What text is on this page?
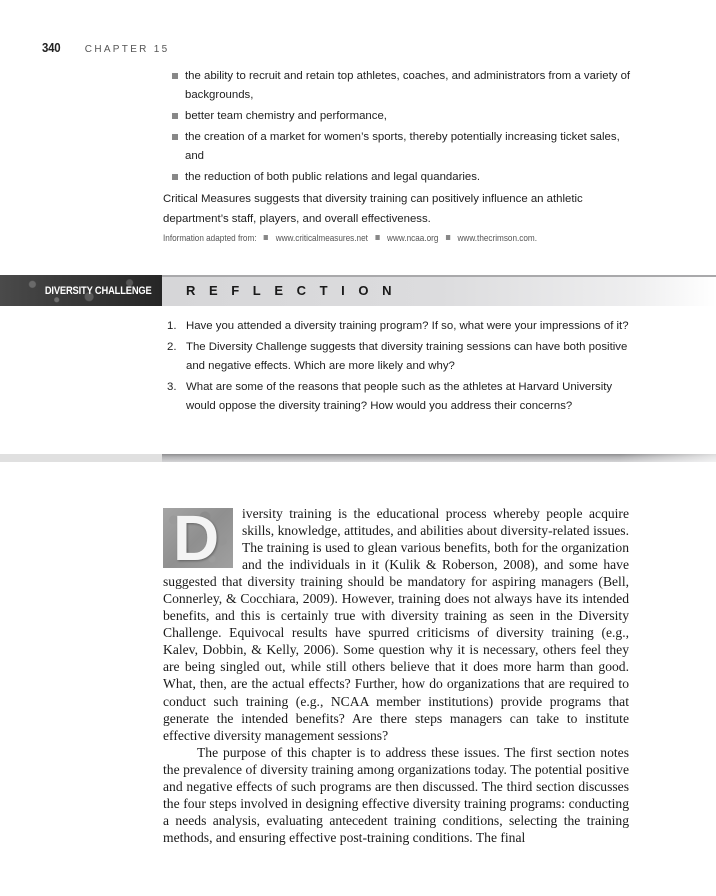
340 CHAPTER 15
the ability to recruit and retain top athletes, coaches, and administrators from a variety of backgrounds,
better team chemistry and performance,
the creation of a market for women’s sports, thereby potentially increasing ticket sales, and
the reduction of both public relations and legal quandaries.

Critical Measures suggests that diversity training can positively influence an athletic department’s staff, players, and overall effectiveness.

Information adapted from: www.criticalmeasures.net www.ncaa.org www.thecrimson.com.
DIVERSITY CHALLENGE	REFLECTION
1. Have you attended a diversity training program? If so, what were your impressions of it?
2. The Diversity Challenge suggests that diversity training sessions can have both positive and negative effects. Which are more likely and why?
3. What are some of the reasons that people such as the athletes at Harvard University would oppose the diversity training? How would you address their concerns?

D iversity training is the educational process whereby people acquire skills, knowledge, attitudes, and abilities about diversity-related issues. The training is used to glean various benefits, both for the organization and the individuals in it (Kulik & Roberson, 2008), and some have suggested that diversity training should be mandatory for aspiring managers (Bell, Connerley, & Cocchiara, 2009). However, training does not always have its intended benefits, and this is certainly true with diversity training as seen in the Diversity Challenge. Equivocal results have spurred criticisms of diversity training (e.g., Kalev, Dobbin, & Kelly, 2006). Some question why it is necessary, others feel they are being singled out, while still others believe that it does more harm than good. What, then, are the actual effects? Further, how do organizations that are required to conduct such training (e.g., NCAA member institutions) provide programs that generate the intended benefits? Are there steps managers can take to institute effective diversity management sessions?

The purpose of this chapter is to address these issues. The first section notes the prevalence of diversity training among organizations today. The potential positive and negative effects of such programs are then discussed. The third section discusses the four steps involved in designing effective diversity training programs: conducting a needs analysis, evaluating antecedent training conditions, selecting the training methods, and ensuring effective post-training conditions. The final
